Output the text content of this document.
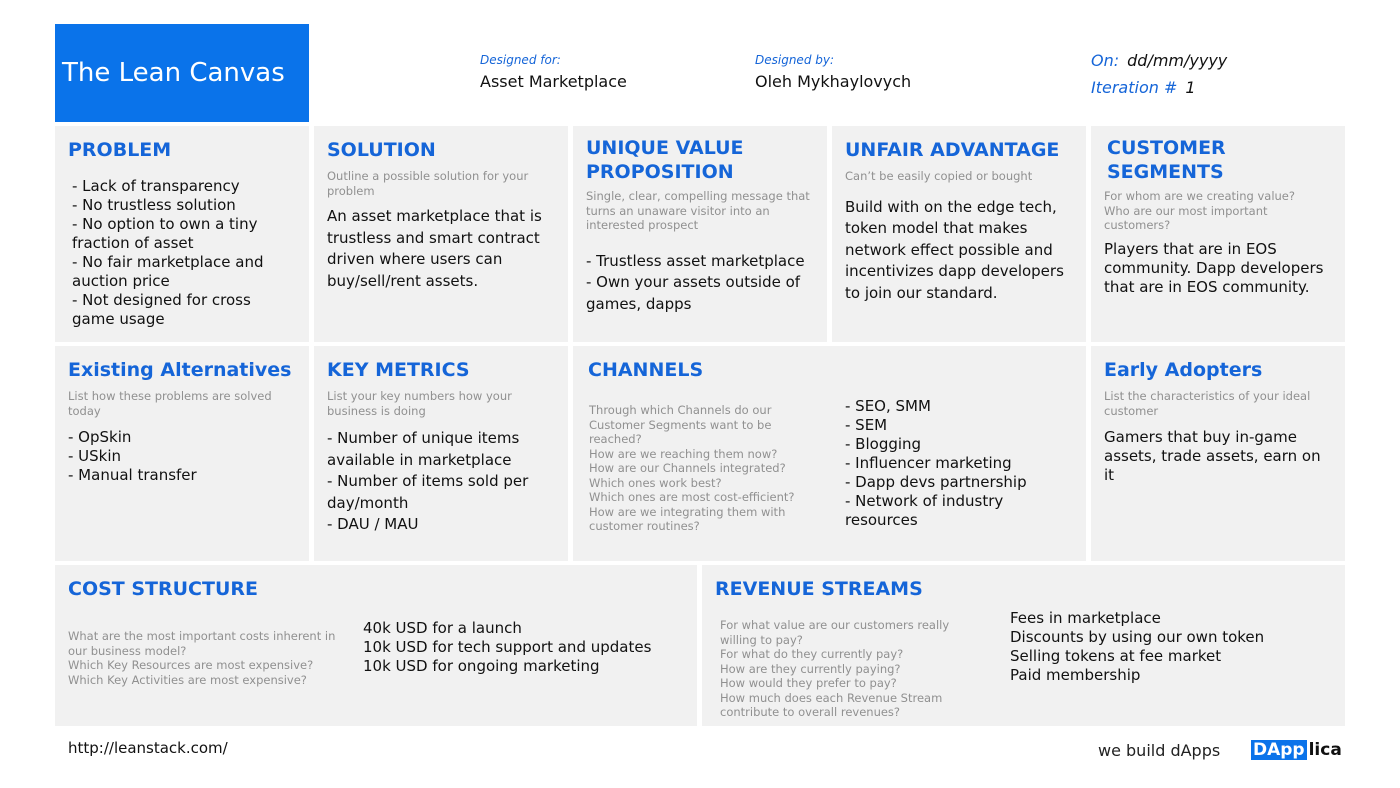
The Lean Canvas	Designed for:
Asset Marketplace
Designed by:
Oleh Mykhaylovych
On: dd/mm/yyyy
Iteration # 1
PROBLEM
- Lack of transparency
- No trustless solution
- No option to own a tiny
fraction of asset
- No fair marketplace and
auction price
- Not designed for cross
game usage
Existing Alternatives
List how these problems are solved today
- OpSkin
- USkin
- Manual transfer
SOLUTION
Outline a possible solution for your problem
An asset marketplace that is trustless and smart contract driven where users can buy/sell/rent assets.
KEY METRICS
List your key numbers how your business is doing
- Number of unique items available in marketplace
- Number of items sold per day/month
- DAU / MAU
UNIQUE VALUE PROPOSITION
Single, clear, compelling message that turns an unaware visitor into an interested prospect
- Trustless asset marketplace
- Own your assets outside of games, dapps
CHANNELS
Through which Channels do our Customer Segments want to be reached?
How are we reaching them now?
How are our Channels integrated?
Which ones work best?
Which ones are most cost-efficient?
How are we integrating them with customer routines?
- SEO, SMM
- SEM
- Blogging
- Influencer marketing
- Dapp devs partnership
- Network of industry
resources
UNFAIR ADVANTAGE
Can’t be easily copied or bought
Build with on the edge tech, token model that makes network effect possible and incentivizes dapp developers to join our standard.
CUSTOMER SEGMENTS
For whom are we creating value? Who are our most important customers?
Players that are in EOS community. Dapp developers that are in EOS community.
Early Adopters
List the characteristics of your ideal customer
Gamers that buy in-game assets, trade assets, earn on it
COST STRUCTURE
What are the most important costs inherent in our business model?
Which Key Resources are most expensive?
Which Key Activities are most expensive?
40k USD for a launch
10k USD for tech support and updates
10k USD for ongoing marketing
REVENUE STREAMS
For what value are our customers really willing to pay?
For what do they currently pay?
How are they currently paying?
How would they prefer to pay?
How much does each Revenue Stream contribute to overall revenues?
Fees in marketplace
Discounts by using our own token
Selling tokens at fee market
Paid membership
http://leanstack.com/	we build dApps DApp lica
